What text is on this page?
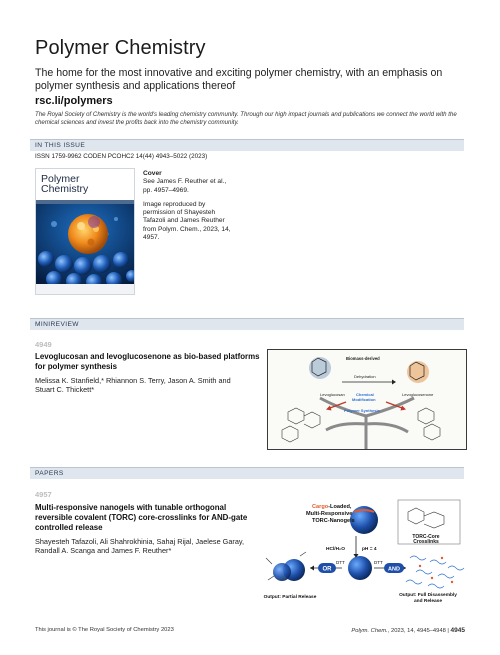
Polymer Chemistry
The home for the most innovative and exciting polymer chemistry, with an emphasis on polymer synthesis and applications thereof
rsc.li/polymers
The Royal Society of Chemistry is the world's leading chemistry community. Through our high impact journals and publications we connect the world with the chemical sciences and invest the profits back into the chemistry community.
IN THIS ISSUE
ISSN 1759-9962 CODEN PCOHC2 14(44) 4943–5022 (2023)
Polymer
Chemistry

Cover
See James F. Reuther et al., pp. 4957–4969.

Image reproduced by permission of Shayesteh Tafazoli and James Reuther from Polym. Chem., 2023, 14, 4957.

MINIREVIEW
4949
Levoglucosan and levoglucosenone as bio-based platforms for polymer synthesis
Melissa K. Stanfield,* Rhiannon S. Terry, Jason A. Smith and Stuart C. Thickett*
Levoglucosan	Levoglucosenone
Biomass-derived
Dehydration
Chemical
Modification
Polymer Synthesis
PAPERS
4957
Multi-responsive nanogels with tunable orthogonal reversible covalent (TORC) core-crosslinks for AND-gate controlled release
Shayesteh Tafazoli, Ali Shahrokhinia, Sahaj Rijal, Jaelese Garay, Randall A. Scanga and James F. Reuther*
OR	AND
Cargo-Loaded,
Multi-Responsive
TORC-Nanogels
TORC-Core
Crosslinks
HCl/H₂O	pH = 4
DTT	DTT
Output: Partial Release	Output: Full Disassembly
and Release
This journal is © The Royal Society of Chemistry 2023	Polym. Chem., 2023, 14, 4945–4948 | 4945
